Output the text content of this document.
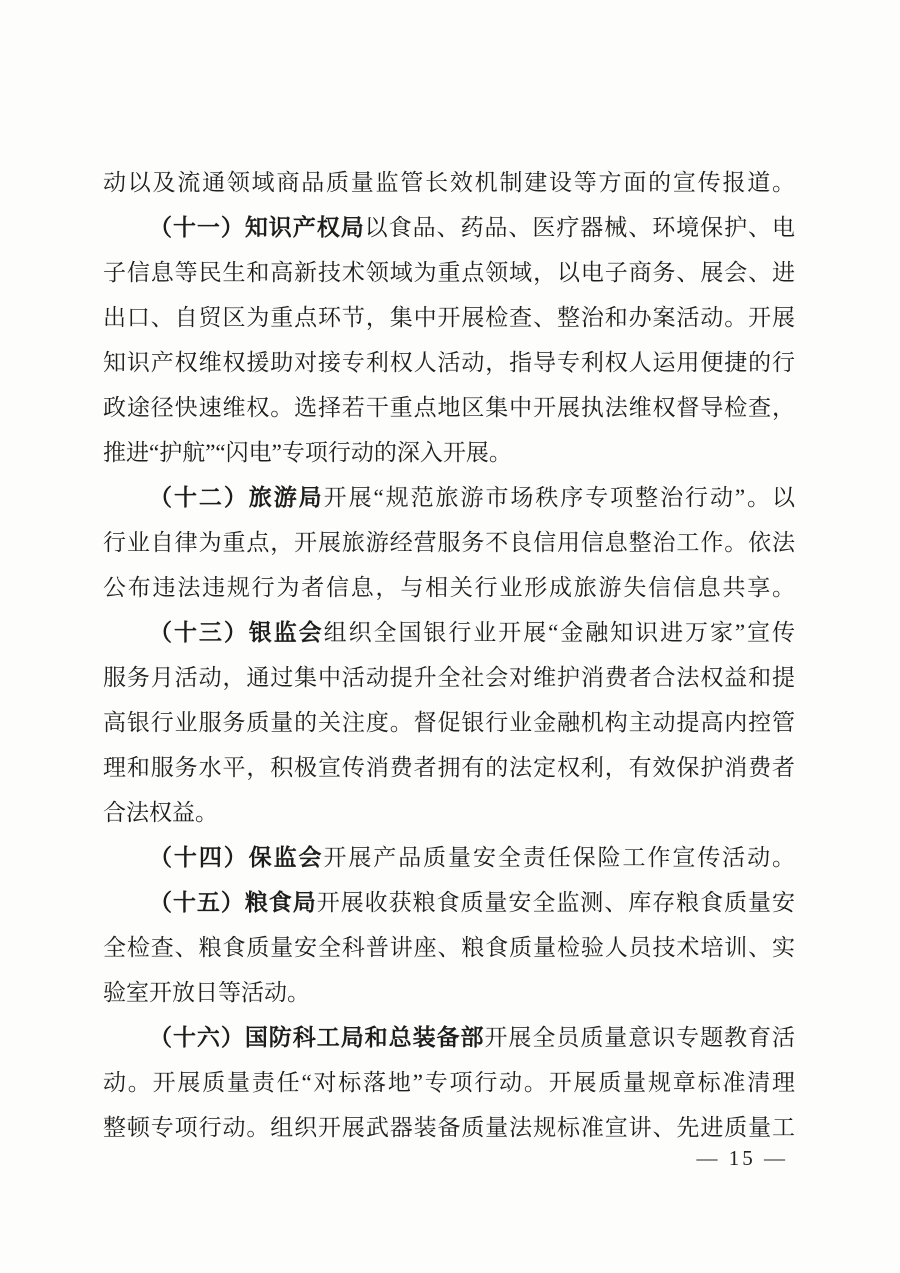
动以及流通领域商品质量监管长效机制建设等方面的宣传报道。
（十一）知识产权局以食品、药品、医疗器械、环境保护、电
子信息等民生和高新技术领域为重点领域，以电子商务、展会、进
出口、自贸区为重点环节，集中开展检查、整治和办案活动。开展
知识产权维权援助对接专利权人活动，指导专利权人运用便捷的行
政途径快速维权。选择若干重点地区集中开展执法维权督导检查，
推进“护航”“闪电”专项行动的深入开展。
（十二）旅游局开展“规范旅游市场秩序专项整治行动”。以
行业自律为重点，开展旅游经营服务不良信用信息整治工作。依法
公布违法违规行为者信息，与相关行业形成旅游失信信息共享。
（十三）银监会组织全国银行业开展“金融知识进万家”宣传
服务月活动，通过集中活动提升全社会对维护消费者合法权益和提
高银行业服务质量的关注度。督促银行业金融机构主动提高内控管
理和服务水平，积极宣传消费者拥有的法定权利，有效保护消费者
合法权益。
（十四）保监会开展产品质量安全责任保险工作宣传活动。
（十五）粮食局开展收获粮食质量安全监测、库存粮食质量安
全检查、粮食质量安全科普讲座、粮食质量检验人员技术培训、实
验室开放日等活动。
（十六）国防科工局和总装备部开展全员质量意识专题教育活
动。开展质量责任“对标落地”专项行动。开展质量规章标准清理
整顿专项行动。组织开展武器装备质量法规标准宣讲、先进质量工
— 15 —
